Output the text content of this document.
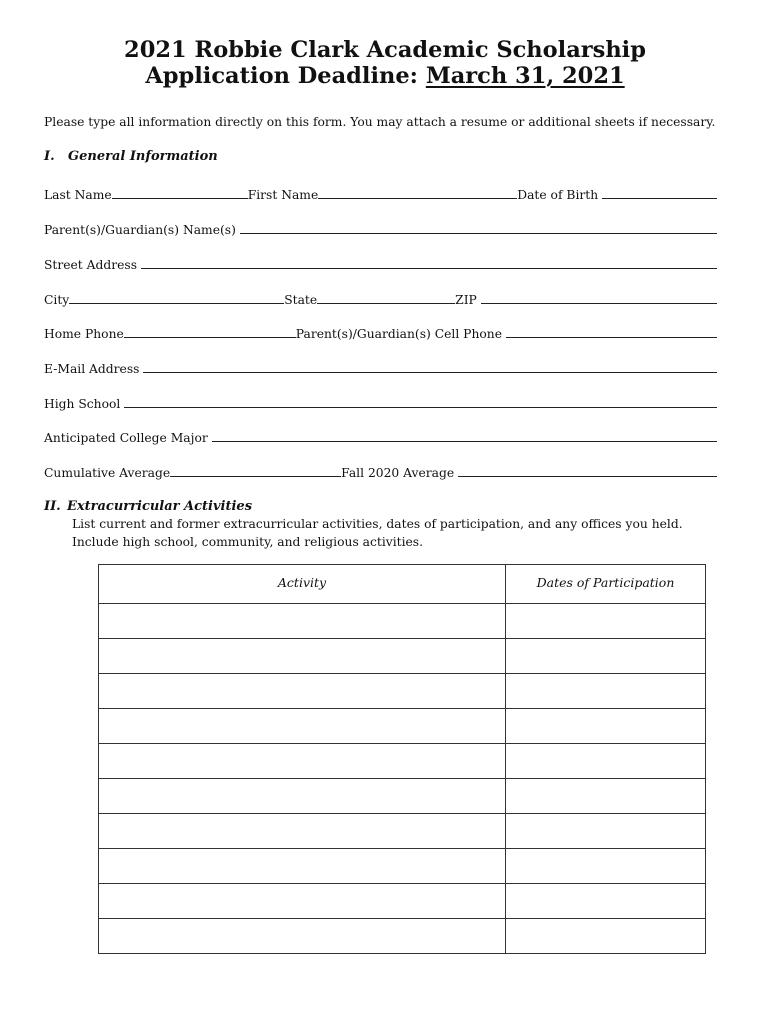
2021 Robbie Clark Academic Scholarship
Application Deadline: March 31, 2021
Please type all information directly on this form. You may attach a resume or additional sheets if necessary.
I. General Information
Last Name	First Name	Date of Birth
Parent(s)/Guardian(s) Name(s)
Street Address
City	State	ZIP
Home Phone	Parent(s)/Guardian(s) Cell Phone
E-Mail Address
High School
Anticipated College Major
Cumulative Average	Fall 2020 Average
II. Extracurricular Activities
List current and former extracurricular activities, dates of participation, and any offices you held.
Include high school, community, and religious activities.
Activity	Dates of Participation
